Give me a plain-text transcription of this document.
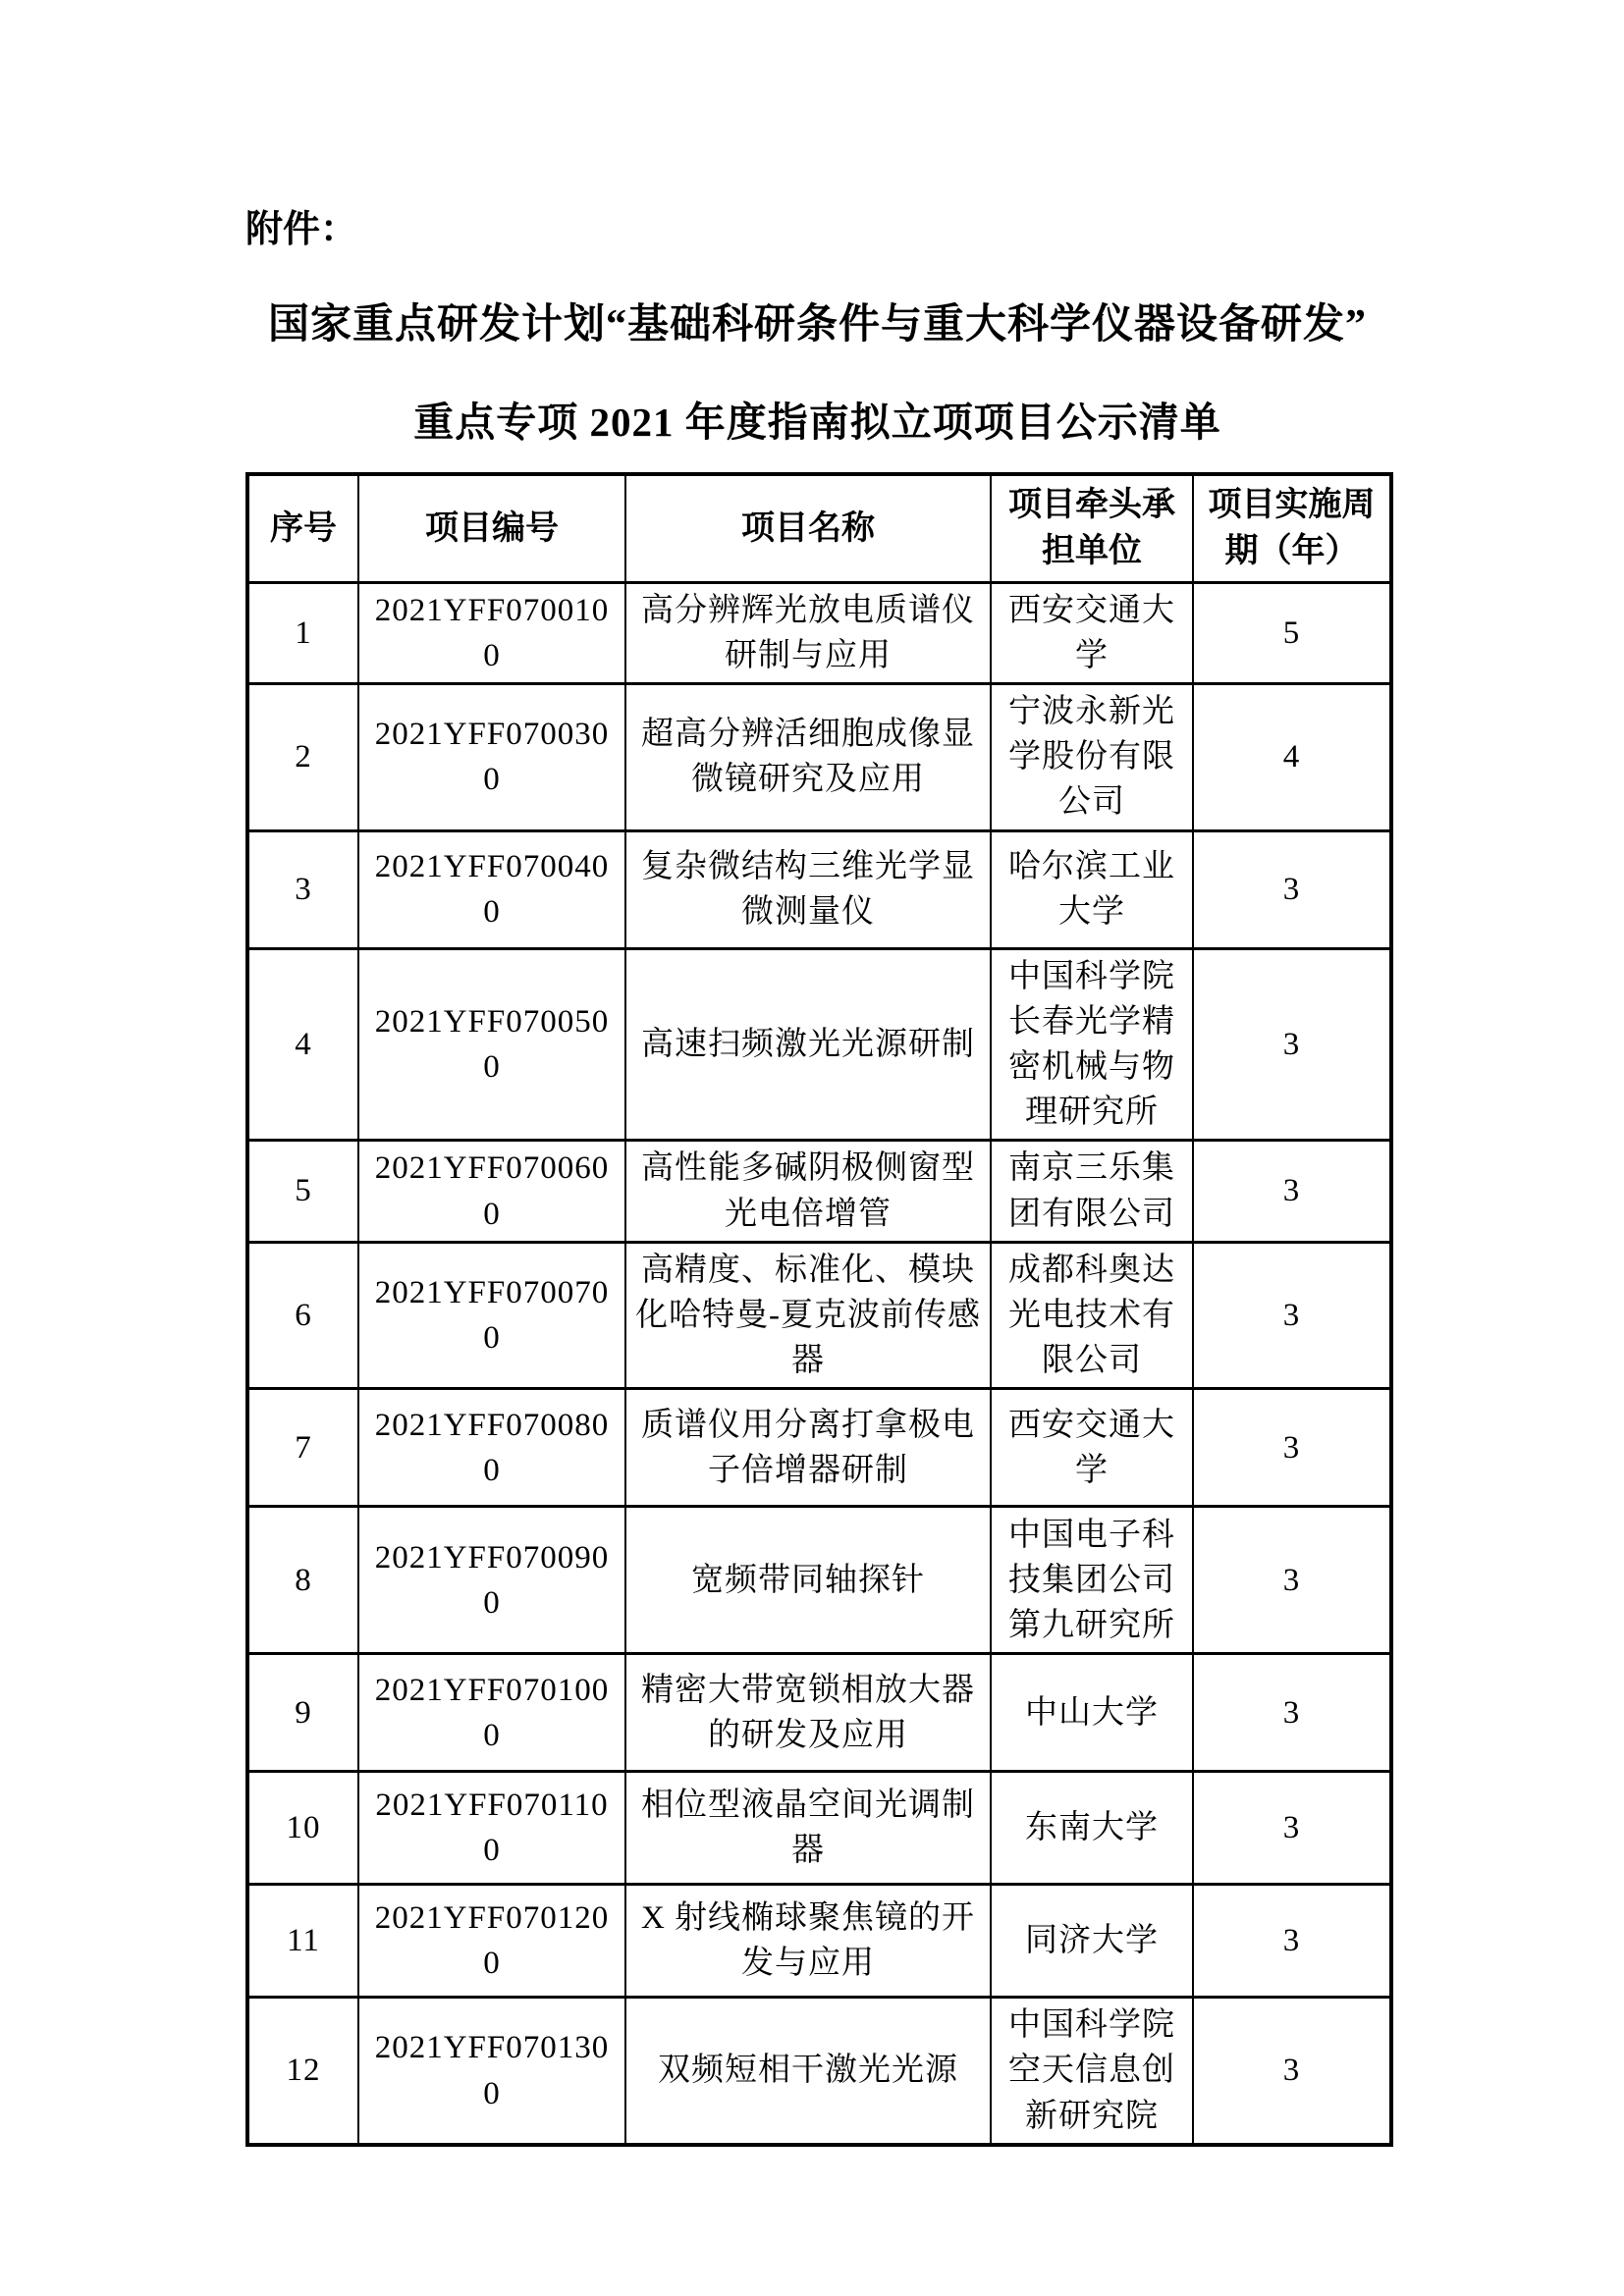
附件：
国家重点研发计划“基础科研条件与重大科学仪器设备研发”
重点专项 2021 年度指南拟立项项目公示清单
序号	项目编号	项目名称	项目牵头承担单位	项目实施周期（年）
1	2021YFF0700100	高分辨辉光放电质谱仪研制与应用	西安交通大学	5
2	2021YFF0700300	超高分辨活细胞成像显微镜研究及应用	宁波永新光学股份有限公司	4
3	2021YFF0700400	复杂微结构三维光学显微测量仪	哈尔滨工业大学	3
4	2021YFF0700500	高速扫频激光光源研制	中国科学院长春光学精密机械与物理研究所	3
5	2021YFF0700600	高性能多碱阴极侧窗型光电倍增管	南京三乐集团有限公司	3
6	2021YFF0700700	高精度、标准化、模块化哈特曼-夏克波前传感器	成都科奥达光电技术有限公司	3
7	2021YFF0700800	质谱仪用分离打拿极电子倍增器研制	西安交通大学	3
8	2021YFF0700900	宽频带同轴探针	中国电子科技集团公司第九研究所	3
9	2021YFF0701000	精密大带宽锁相放大器的研发及应用	中山大学	3
10	2021YFF0701100	相位型液晶空间光调制器	东南大学	3
11	2021YFF0701200	X 射线椭球聚焦镜的开发与应用	同济大学	3
12	2021YFF0701300	双频短相干激光光源	中国科学院空天信息创新研究院	3
